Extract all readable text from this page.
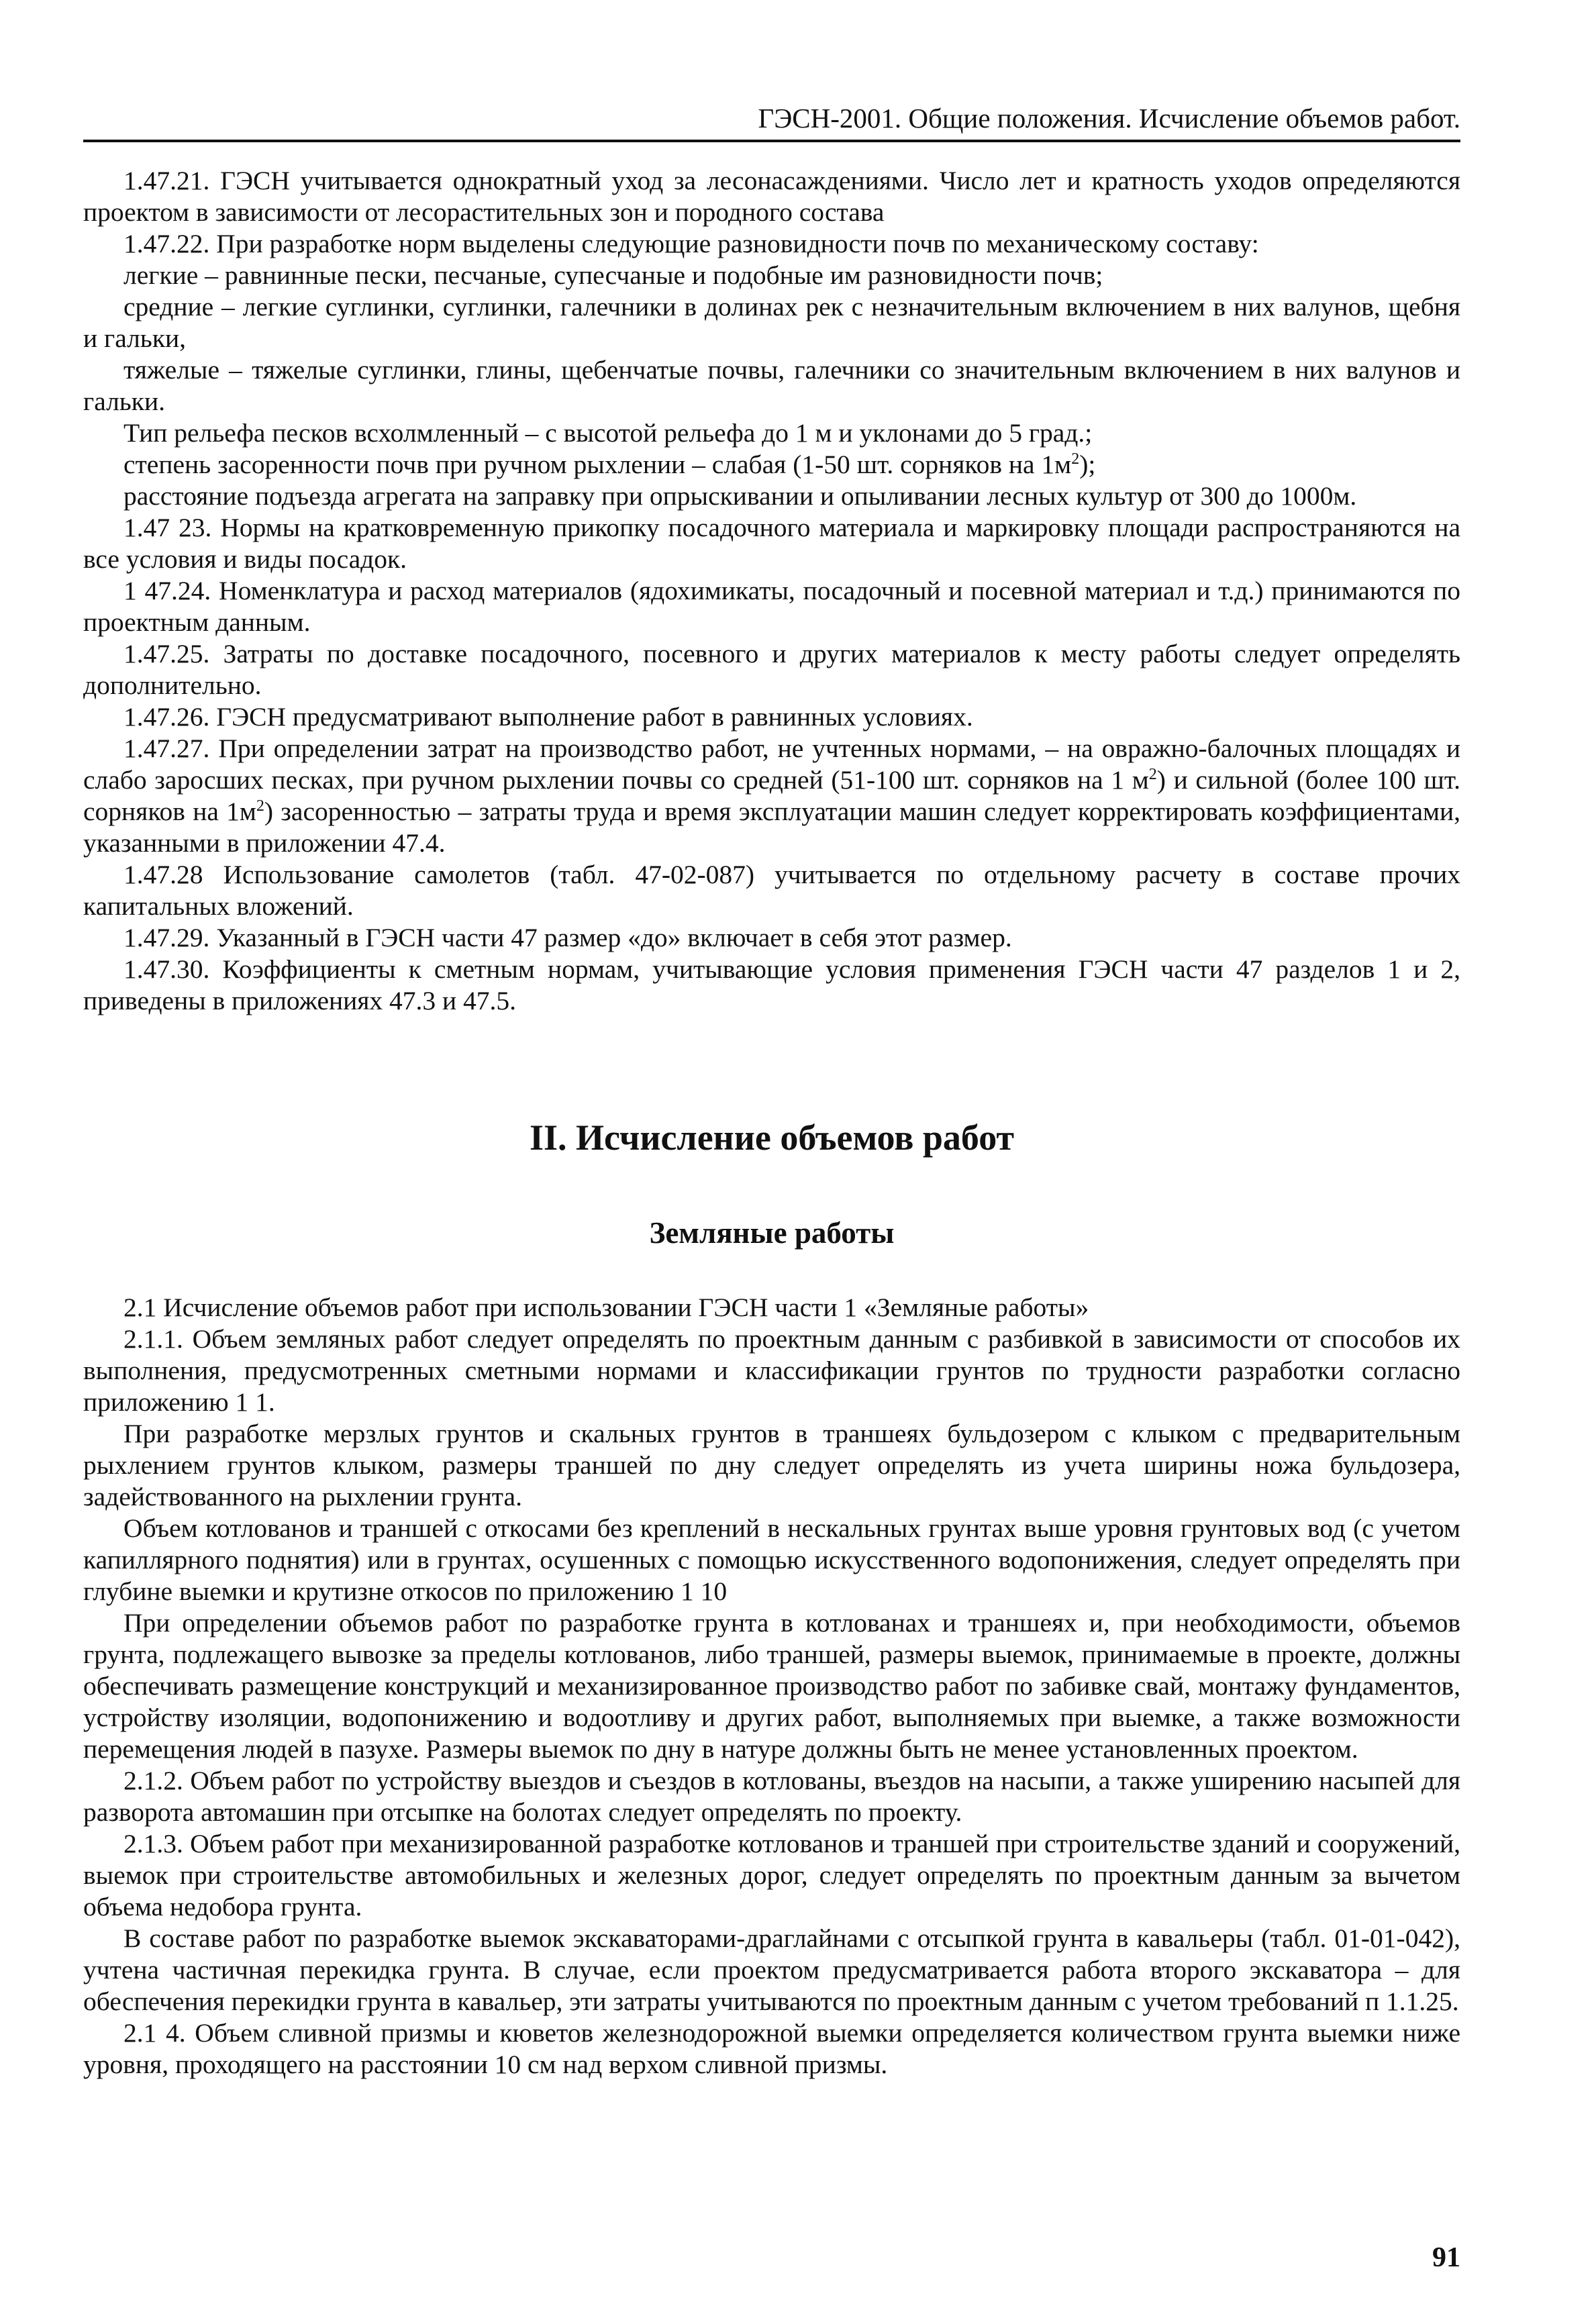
ГЭСН-2001. Общие положения. Исчисление объемов работ.

1.47.21. ГЭСН учитывается однократный уход за лесонасаждениями. Число лет и кратность уходов определяются проектом в зависимости от лесорастительных зон и породного состава

1.47.22. При разработке норм выделены следующие разновидности почв по механическому составу:

легкие – равнинные пески, песчаные, супесчаные и подобные им разновидности почв;

средние – легкие суглинки, суглинки, галечники в долинах рек с незначительным включением в них валунов, щебня и гальки,

тяжелые – тяжелые суглинки, глины, щебенчатые почвы, галечники со значительным включением в них валунов и гальки.

Тип рельефа песков всхолмленный – с высотой рельефа до 1 м и уклонами до 5 град.;

степень засоренности почв при ручном рыхлении – слабая (1-50 шт. сорняков на $1м^2$);

расстояние подъезда агрегата на заправку при опрыскивании и опыливании лесных культур от 300 до 1000м.

1.47 23. Нормы на кратковременную прикопку посадочного материала и маркировку площади распространяются на все условия и виды посадок.

1 47.24. Номенклатура и расход материалов (ядохимикаты, посадочный и посевной материал и т.д.) принимаются по проектным данным.

1.47.25. Затраты по доставке посадочного, посевного и других материалов к месту работы следует определять дополнительно.

1.47.26. ГЭСН предусматривают выполнение работ в равнинных условиях.

1.47.27. При определении затрат на производство работ, не учтенных нормами, – на овражно-балочных площадях и слабо заросших песках, при ручном рыхлении почвы со средней (51-100 шт. сорняков на 1 $м^2$) и сильной (более 100 шт. сорняков на $1м^2$) засоренностью – затраты труда и время эксплуатации машин следует корректировать коэффициентами, указанными в приложении 47.4.

1.47.28 Использование самолетов (табл. 47-02-087) учитывается по отдельному расчету в составе прочих капитальных вложений.

1.47.29. Указанный в ГЭСН части 47 размер «до» включает в себя этот размер.

1.47.30. Коэффициенты к сметным нормам, учитывающие условия применения ГЭСН части 47 разделов 1 и 2, приведены в приложениях 47.3 и 47.5.

II. Исчисление объемов работ
Земляные работы

2.1 Исчисление объемов работ при использовании ГЭСН части 1 «Земляные работы»

2.1.1. Объем земляных работ следует определять по проектным данным с разбивкой в зависимости от способов их выполнения, предусмотренных сметными нормами и классификации грунтов по трудности разработки согласно приложению 1 1.

При разработке мерзлых грунтов и скальных грунтов в траншеях бульдозером с клыком с предварительным рыхлением грунтов клыком, размеры траншей по дну следует определять из учета ширины ножа бульдозера, задействованного на рыхлении грунта.

Объем котлованов и траншей с откосами без креплений в нескальных грунтах выше уровня грунтовых вод (с учетом капиллярного поднятия) или в грунтах, осушенных с помощью искусственного водопонижения, следует определять при глубине выемки и крутизне откосов по приложению 1 10

При определении объемов работ по разработке грунта в котлованах и траншеях и, при необходимости, объемов грунта, подлежащего вывозке за пределы котлованов, либо траншей, размеры выемок, принимаемые в проекте, должны обеспечивать размещение конструкций и механизированное производство работ по забивке свай, монтажу фундаментов, устройству изоляции, водопонижению и водоотливу и других работ, выполняемых при выемке, а также возможности перемещения людей в пазухе. Размеры выемок по дну в натуре должны быть не менее установленных проектом.

2.1.2. Объем работ по устройству выездов и съездов в котлованы, въездов на насыпи, а также уширению насыпей для разворота автомашин при отсыпке на болотах следует определять по проекту.

2.1.3. Объем работ при механизированной разработке котлованов и траншей при строительстве зданий и сооружений, выемок при строительстве автомобильных и железных дорог, следует определять по проектным данным за вычетом объема недобора грунта.

В составе работ по разработке выемок экскаваторами-драглайнами с отсыпкой грунта в кавальеры (табл. 01-01-042), учтена частичная перекидка грунта. В случае, если проектом предусматривается работа второго экскаватора – для обеспечения перекидки грунта в кавальер, эти затраты учитываются по проектным данным с учетом требований п 1.1.25.

2.1 4. Объем сливной призмы и кюветов железнодорожной выемки определяется количеством грунта выемки ниже уровня, проходящего на расстоянии 10 см над верхом сливной призмы.

91
